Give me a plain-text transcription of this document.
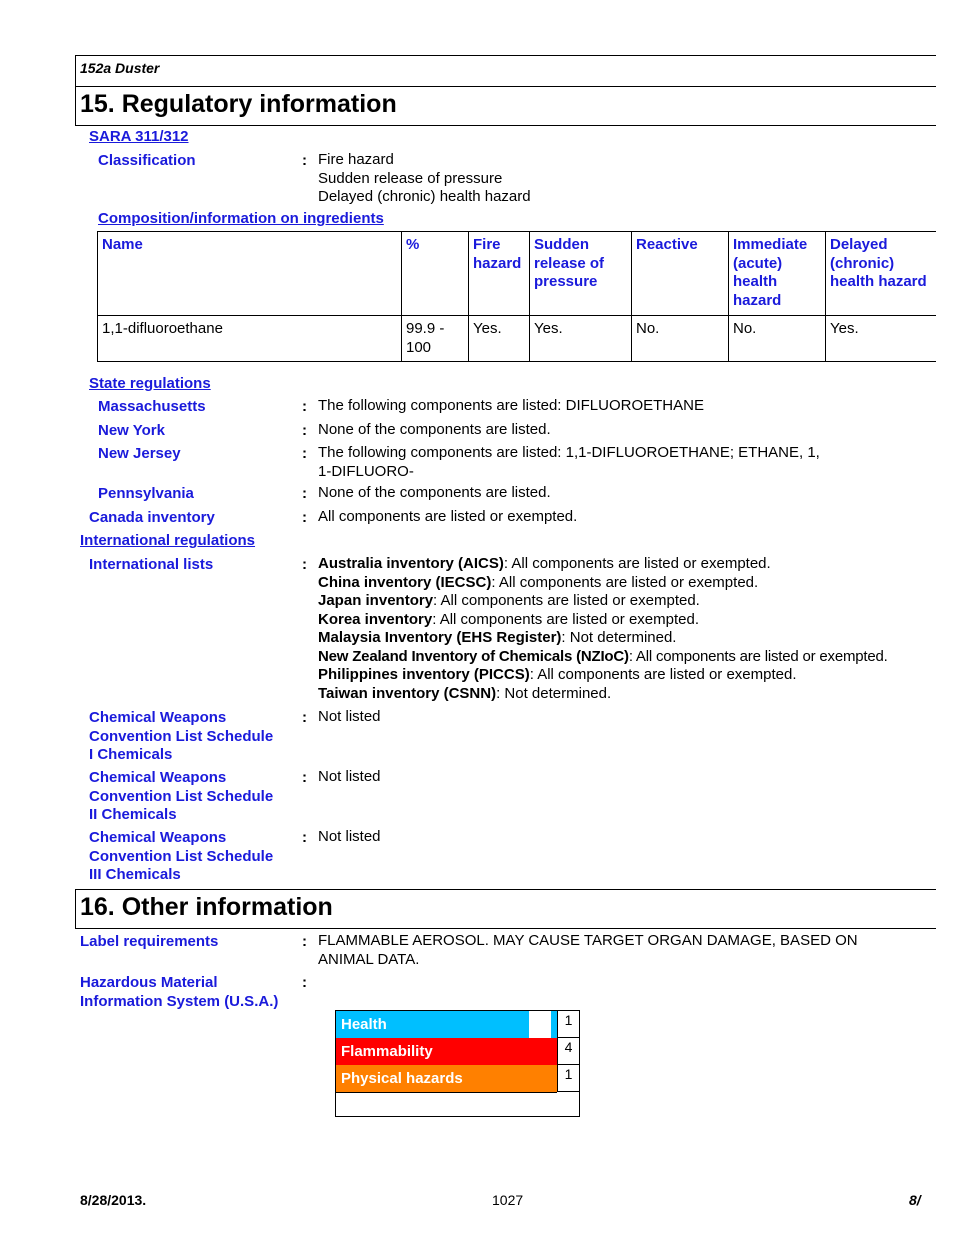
152a Duster
15. Regulatory information
SARA 311/312
Classification	: Fire hazard
Sudden release of pressure
Delayed (chronic) health hazard
Composition/information on ingredients
Name	%	Fire hazard	Sudden release of pressure	Reactive	Immediate (acute) health hazard	Delayed (chronic) health hazard
1,1-difluoroethane	99.9 - 100	Yes.	Yes.	No.	No.	Yes.
State regulations
Massachusetts	: The following components are listed: DIFLUOROETHANE
New York	: None of the components are listed.
New Jersey	: The following components are listed: 1,1-DIFLUOROETHANE; ETHANE, 1,
1-DIFLUORO-
Pennsylvania	: None of the components are listed.
Canada inventory	: All components are listed or exempted.
International regulations
International lists	: Australia inventory (AICS): All components are listed or exempted.
China inventory (IECSC): All components are listed or exempted.
Japan inventory: All components are listed or exempted.
Korea inventory: All components are listed or exempted.
Malaysia Inventory (EHS Register): Not determined.
New Zealand Inventory of Chemicals (NZIoC): All components are listed or exempted.
Philippines inventory (PICCS): All components are listed or exempted.
Taiwan inventory (CSNN): Not determined.
Chemical Weapons
Convention List Schedule
I Chemicals
: Not listed
Chemical Weapons
Convention List Schedule
II Chemicals
: Not listed
Chemical Weapons
Convention List Schedule
III Chemicals
: Not listed
16. Other information
Label requirements	: FLAMMABLE AEROSOL. MAY CAUSE TARGET ORGAN DAMAGE, BASED ON
ANIMAL DATA.
Hazardous Material
Information System (U.S.A.)
:
Health	1
Flammability	4
Physical hazards	1
8/28/2013.	1027	8/
